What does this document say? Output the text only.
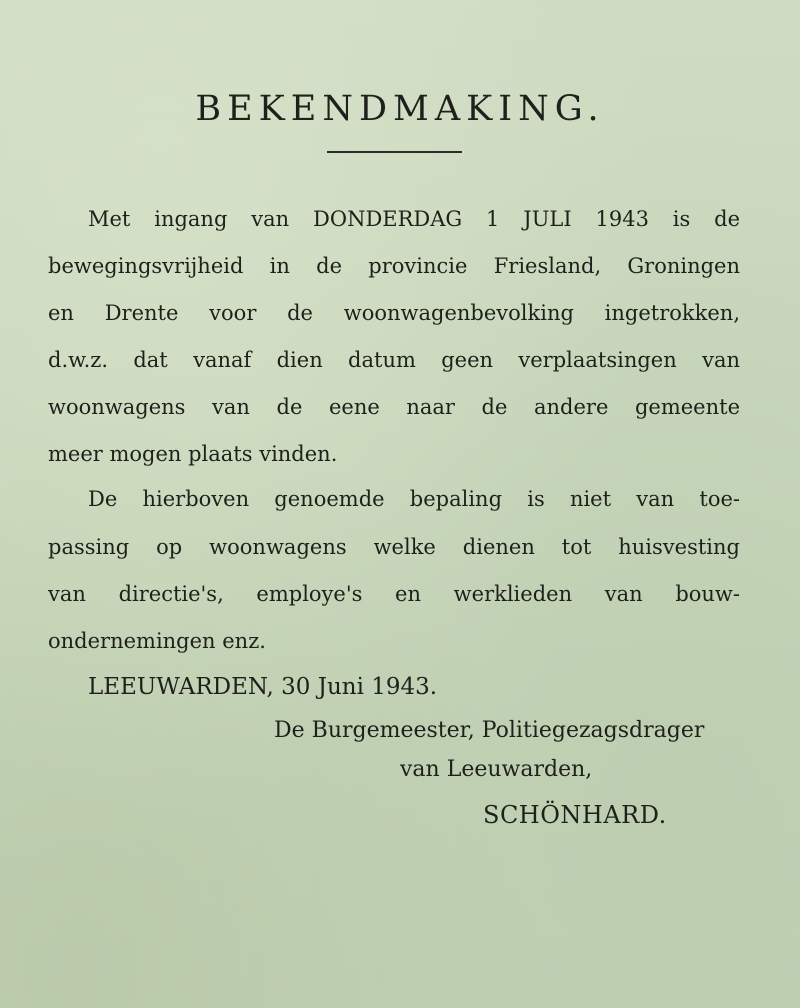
BEKENDMAKING.
Met ingang van DONDERDAG 1 JULI 1943 is de
bewegingsvrijheid in de provincie Friesland, Groningen
en Drente voor de woonwagenbevolking ingetrokken,
d.w.z. dat vanaf dien datum geen verplaatsingen van
woonwagens van de eene naar de andere gemeente
meer mogen plaats vinden.
De hierboven genoemde bepaling is niet van toe-
passing op woonwagens welke dienen tot huisvesting
van directie's, employe's en werklieden van bouw-
ondernemingen enz.
LEEUWARDEN, 30 Juni 1943.
De Burgemeester, Politiegezagsdrager
van Leeuwarden,
SCHÖNHARD.
